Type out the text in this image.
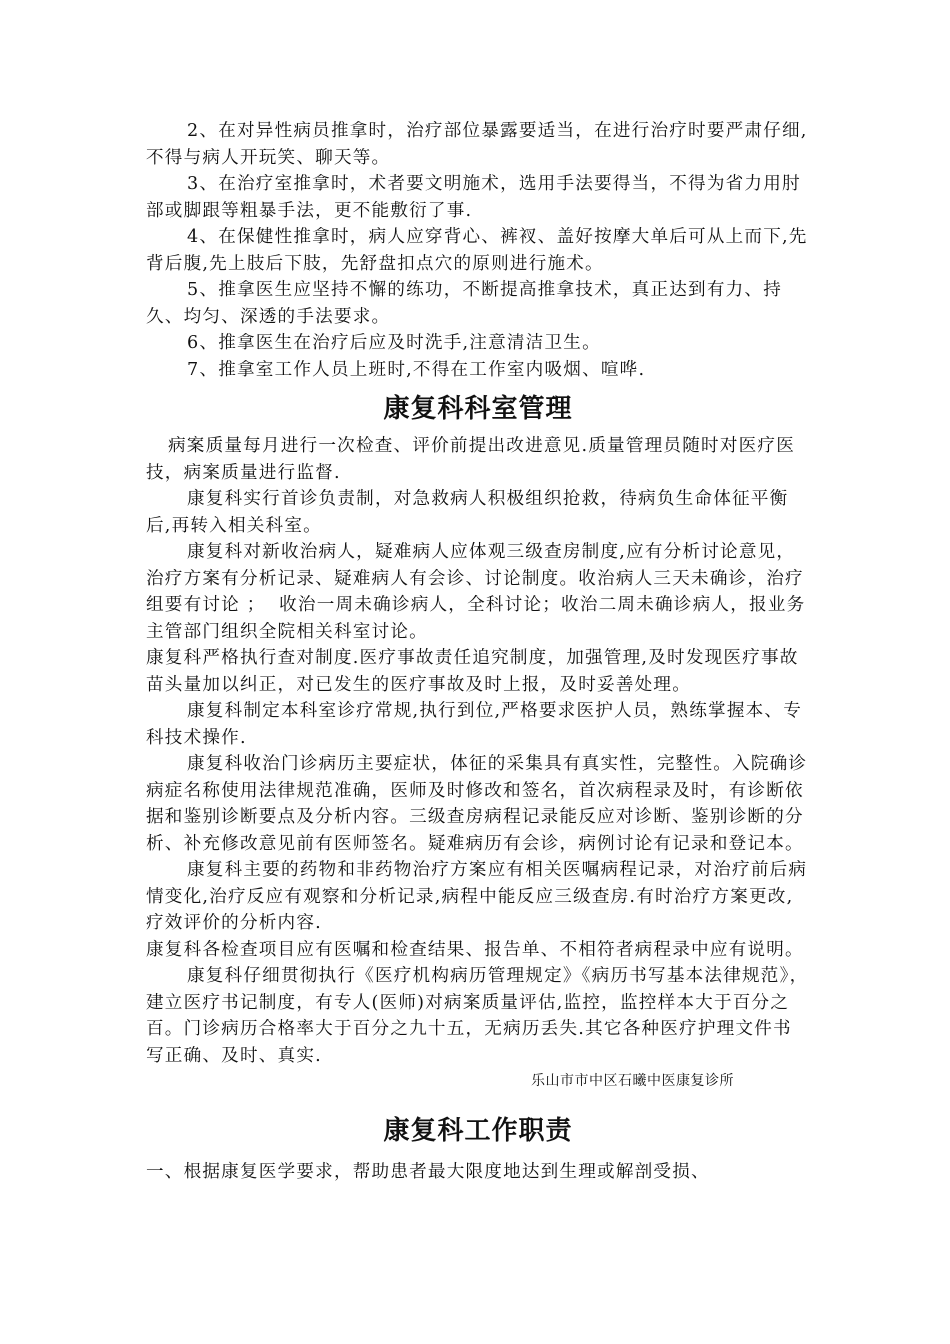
2、在对异性病员推拿时，治疗部位暴露要适当，在进行治疗时要严肃仔细,不得与病人开玩笑、聊天等。

3、在治疗室推拿时，术者要文明施术，选用手法要得当，不得为省力用肘部或脚跟等粗暴手法，更不能敷衍了事.

4、在保健性推拿时，病人应穿背心、裤衩、盖好按摩大单后可从上而下,先背后腹,先上肢后下肢，先舒盘扣点穴的原则进行施术。

5、推拿医生应坚持不懈的练功，不断提高推拿技术，真正达到有力、持久、均匀、深透的手法要求。

6、推拿医生在治疗后应及时洗手,注意清洁卫生。

7、推拿室工作人员上班时,不得在工作室内吸烟、喧哗.

康复科科室管理

病案质量每月进行一次检查、评价前提出改进意见.质量管理员随时对医疗医技，病案质量进行监督.

康复科实行首诊负责制，对急救病人积极组织抢救，待病负生命体征平衡后,再转入相关科室。

康复科对新收治病人，疑难病人应体观三级查房制度,应有分析讨论意见，治疗方案有分析记录、疑难病人有会诊、讨论制度。收治病人三天未确诊，治疗组要有讨论 ；  收治一周未确诊病人，全科讨论；收治二周未确诊病人，报业务主管部门组织全院相关科室讨论。

康复科严格执行查对制度.医疗事故责任追究制度，加强管理,及时发现医疗事故苗头量加以纠正，对已发生的医疗事故及时上报，及时妥善处理。

康复科制定本科室诊疗常规,执行到位,严格要求医护人员，熟练掌握本、专科技术操作.

康复科收治门诊病历主要症状，体征的采集具有真实性，完整性。入院确诊病症名称使用法律规范准确，医师及时修改和签名，首次病程录及时，有诊断依据和鉴别诊断要点及分析内容。三级查房病程记录能反应对诊断、鉴别诊断的分析、补充修改意见前有医师签名。疑难病历有会诊，病例讨论有记录和登记本。

康复科主要的药物和非药物治疗方案应有相关医嘱病程记录，对治疗前后病情变化,治疗反应有观察和分析记录,病程中能反应三级查房.有时治疗方案更改,疗效评价的分析内容.

康复科各检查项目应有医嘱和检查结果、报告单、不相符者病程录中应有说明。

康复科仔细贯彻执行《医疗机构病历管理规定》《病历书写基本法律规范》，建立医疗书记制度，有专人(医师)对病案质量评估,监控，监控样本大于百分之百。门诊病历合格率大于百分之九十五，无病历丢失.其它各种医疗护理文件书写正确、及时、真实.

乐山市市中区石曦中医康复诊所

康复科工作职责

一、根据康复医学要求，帮助患者最大限度地达到生理或解剖受损、
